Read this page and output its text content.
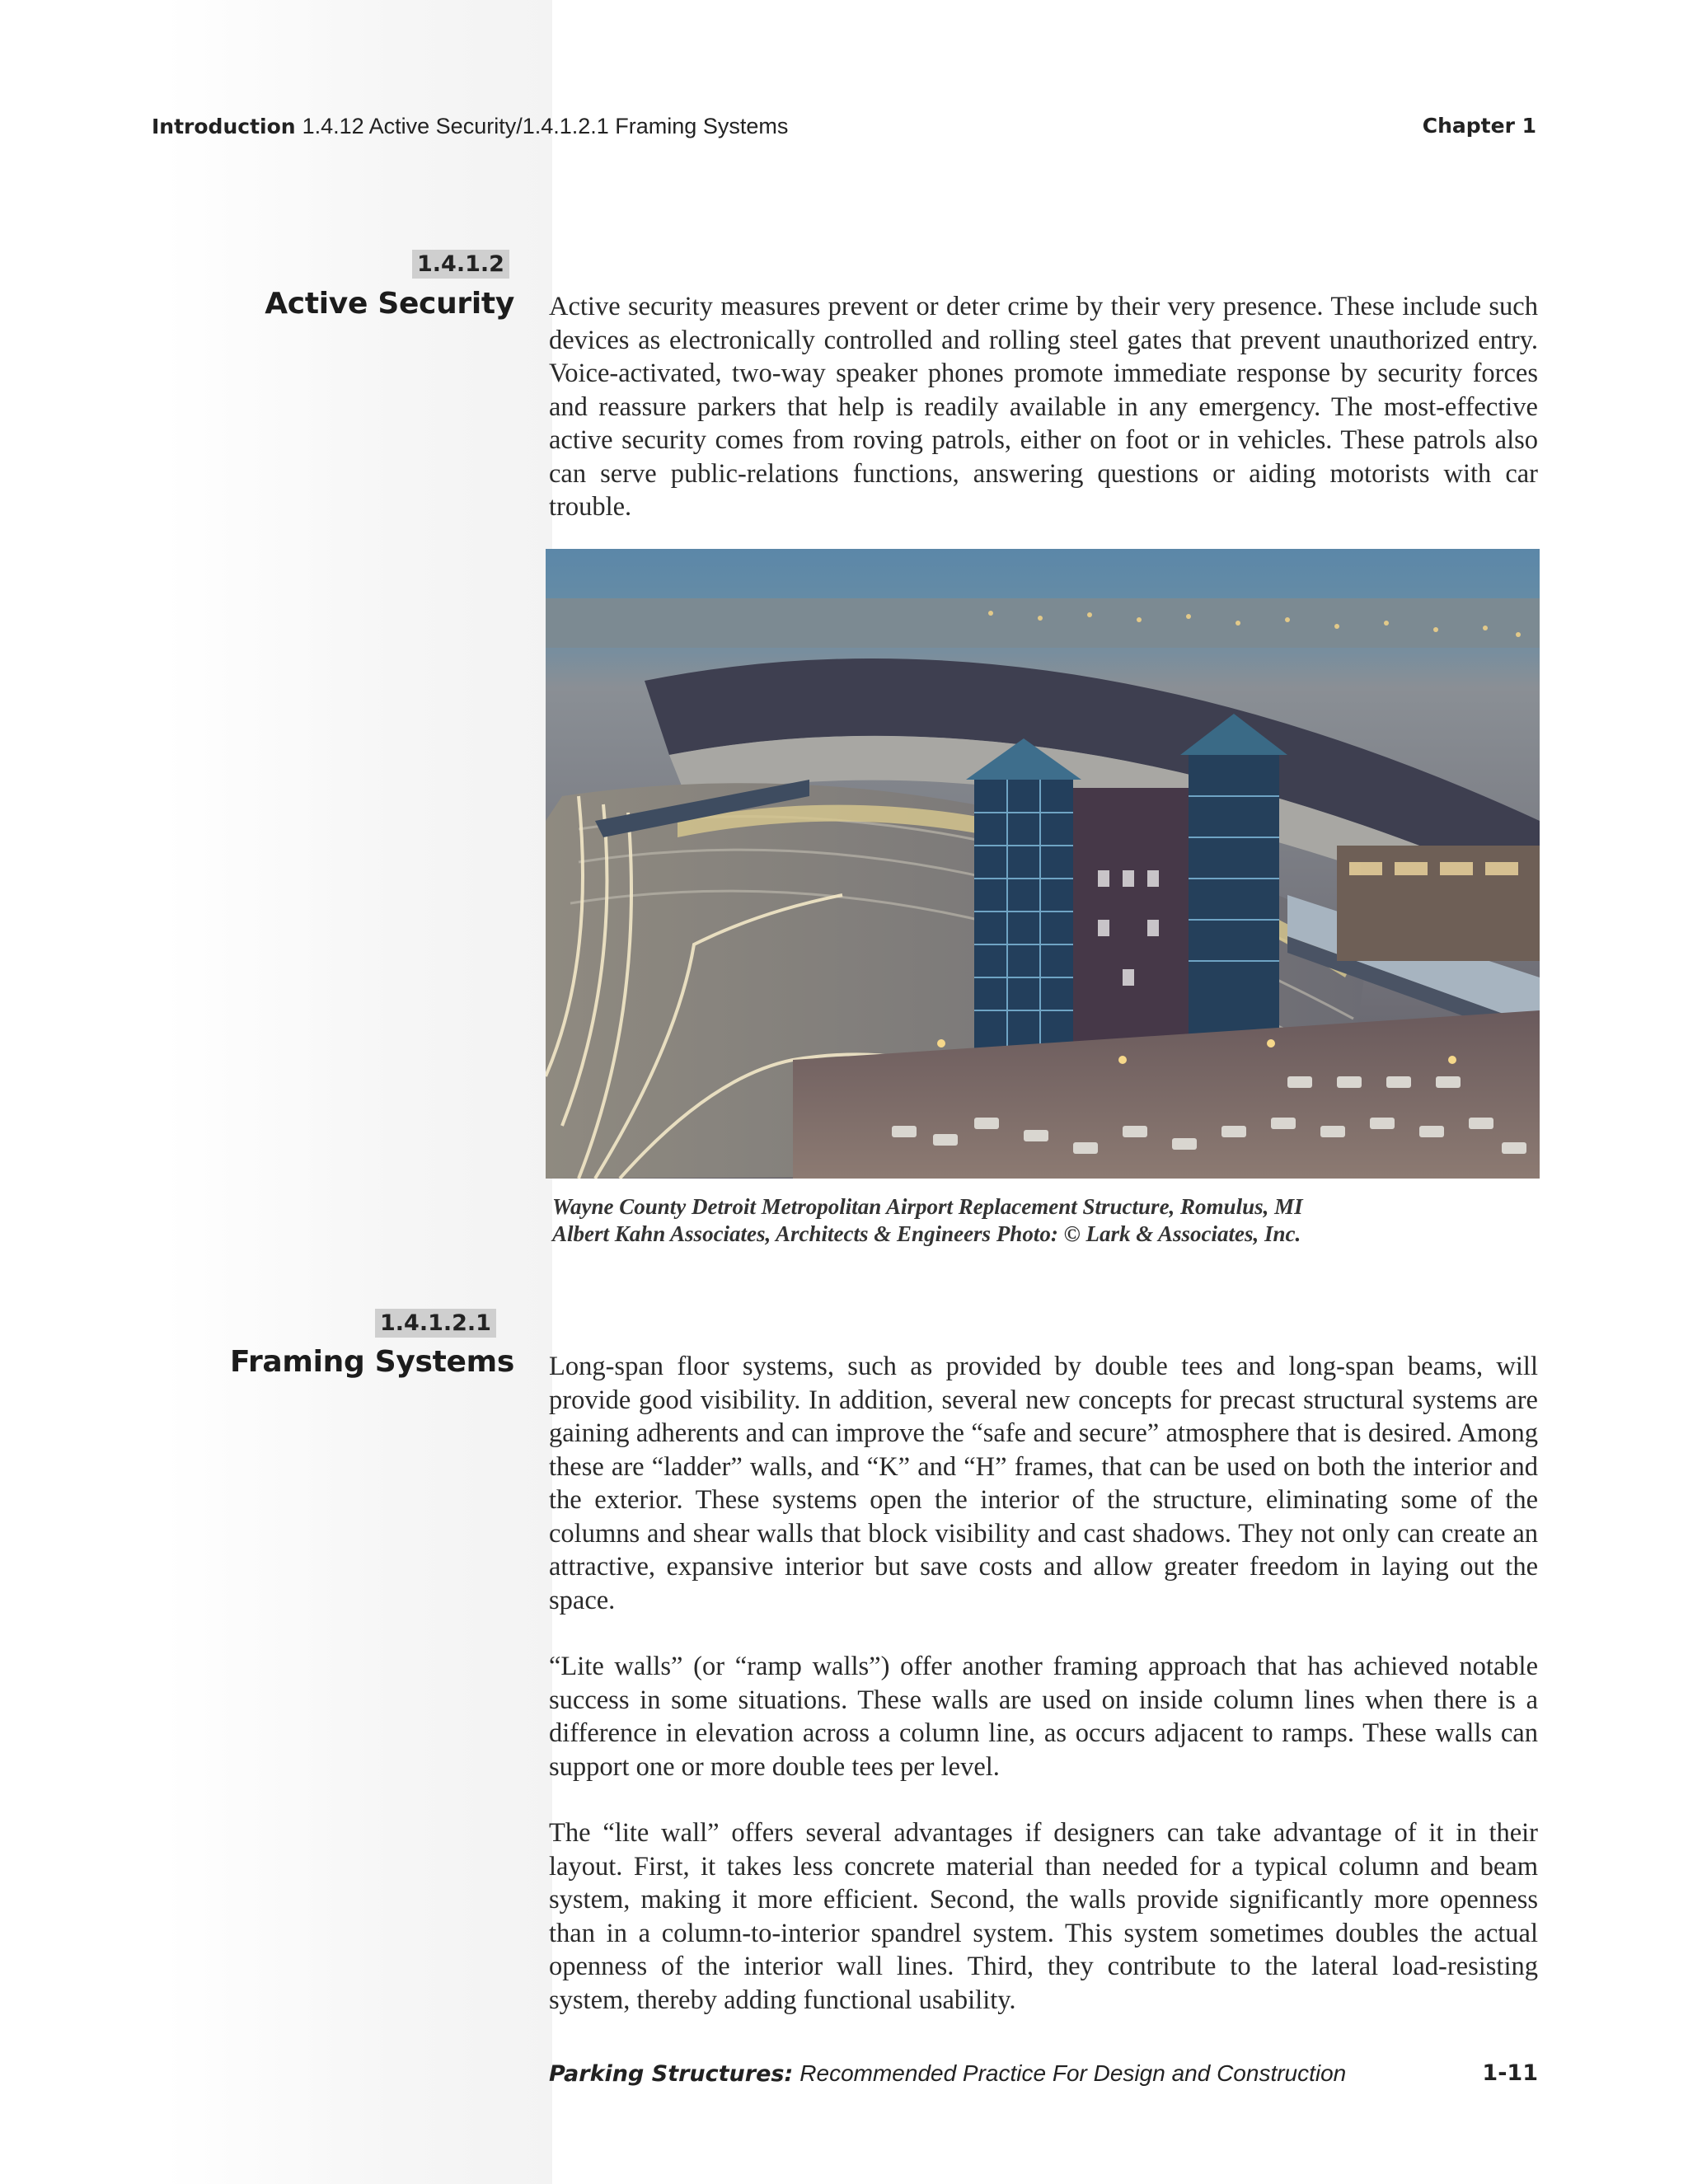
Introduction 1.4.12 Active Security/1.4.1.2.1 Framing Systems	Chapter 1
1.4.1.2
Active Security Active security measures prevent or deter crime by their very presence. These include such devices as electronically controlled and rolling steel gates that prevent unauthorized entry. Voice-activated, two-way speaker phones promote immediate response by security forces and reassure parkers that help is readily available in any emergency. The most-effective active security comes from roving patrols, either on foot or in vehicles. These patrols also can serve public-relations functions, answering questions or aiding motorists with car trouble.

Wayne County Detroit Metropolitan Airport Replacement Structure, Romulus, MI
Albert Kahn Associates, Architects & Engineers Photo: © Lark & Associates, Inc.
1.4.1.2.1
Framing Systems Long-span floor systems, such as provided by double tees and long-span beams, will provide good visibility. In addition, several new concepts for precast structural systems are gaining adherents and can improve the “safe and secure” atmosphere that is desired. Among these are “ladder” walls, and “K” and “H” frames, that can be used on both the interior and the exterior. These systems open the interior of the structure, eliminating some of the columns and shear walls that block visibility and cast shadows. They not only can create an attractive, expansive interior but save costs and allow greater freedom in laying out the space.

“Lite walls” (or “ramp walls”) offer another framing approach that has achieved notable success in some situations. These walls are used on inside column lines when there is a difference in elevation across a column line, as occurs adjacent to ramps. These walls can support one or more double tees per level.

The “lite wall” offers several advantages if designers can take advantage of it in their layout. First, it takes less concrete material than needed for a typical column and beam system, making it more efficient. Second, the walls provide significantly more openness than in a column-to-interior spandrel system. This system sometimes doubles the actual openness of the interior wall lines. Third, they contribute to the lateral load-resisting system, thereby adding functional usability.

Parking Structures: Recommended Practice For Design and Construction	1-11
